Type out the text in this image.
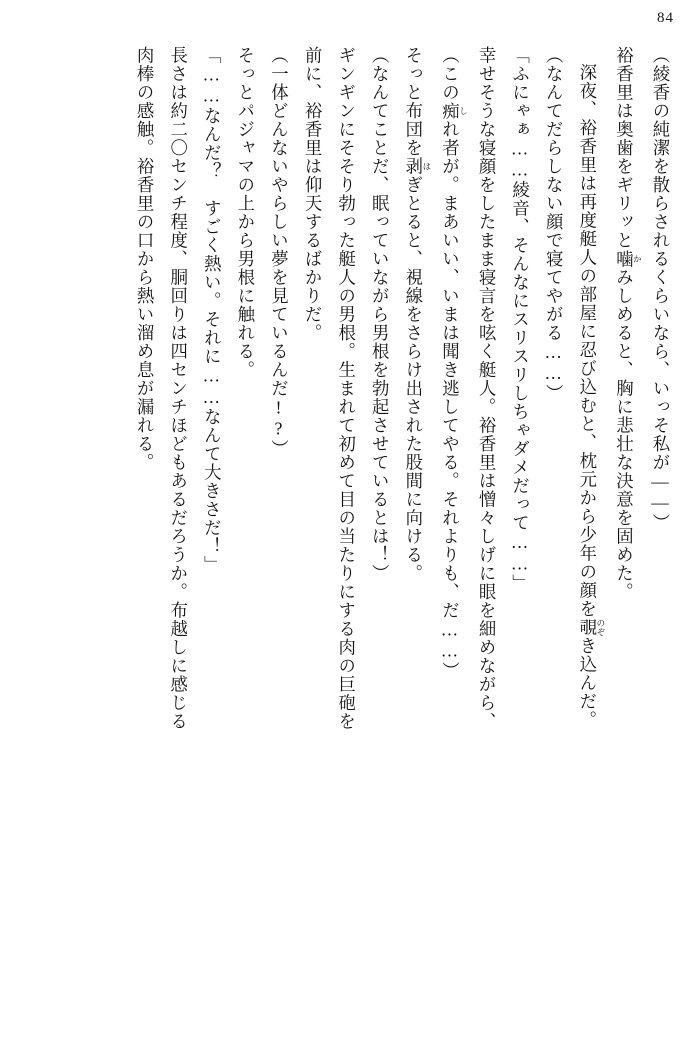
84

（綾香の純潔を散らされるくらいなら、いっそ私が——）

裕香里は奥歯をギリッと噛 かみしめると、胸に悲壮な決意を固めた。

深夜、裕香里は再度艇人の部屋に忍び込むと、枕元から少年の顔を覗 のぞき込んだ。

（なんてだらしない顔で寝てやがる……）

「ふにゃぁ……綾音、そんなにスリスリしちゃダメだって……」

幸せそうな寝顔をしたまま寝言を呟く艇人。裕香里は憎々しげに眼を細めながら、

（この痴 しれ者が。まあいい、いまは聞き逃してやる。それよりも、だ……）

そっと布団を剥 はぎとると、視線をさらけ出された股間に向ける。

（なんてことだ、眠っていながら男根を勃起させているとは！）

ギンギンにそそり勃った艇人の男根。生まれて初めて目の当たりにする肉の巨砲を

前に、裕香里は仰天するばかりだ。

（一体どんないやらしい夢を見ているんだ!?）

そっとパジャマの上から男根に触れる。

「……なんだ？　すごく熱い。それに……なんて大きさだ！」

長さは約二〇センチ程度、胴回りは四センチほどもあるだろうか。布越しに感じる

肉棒の感触。裕香里の口から熱い溜め息が漏れる。
